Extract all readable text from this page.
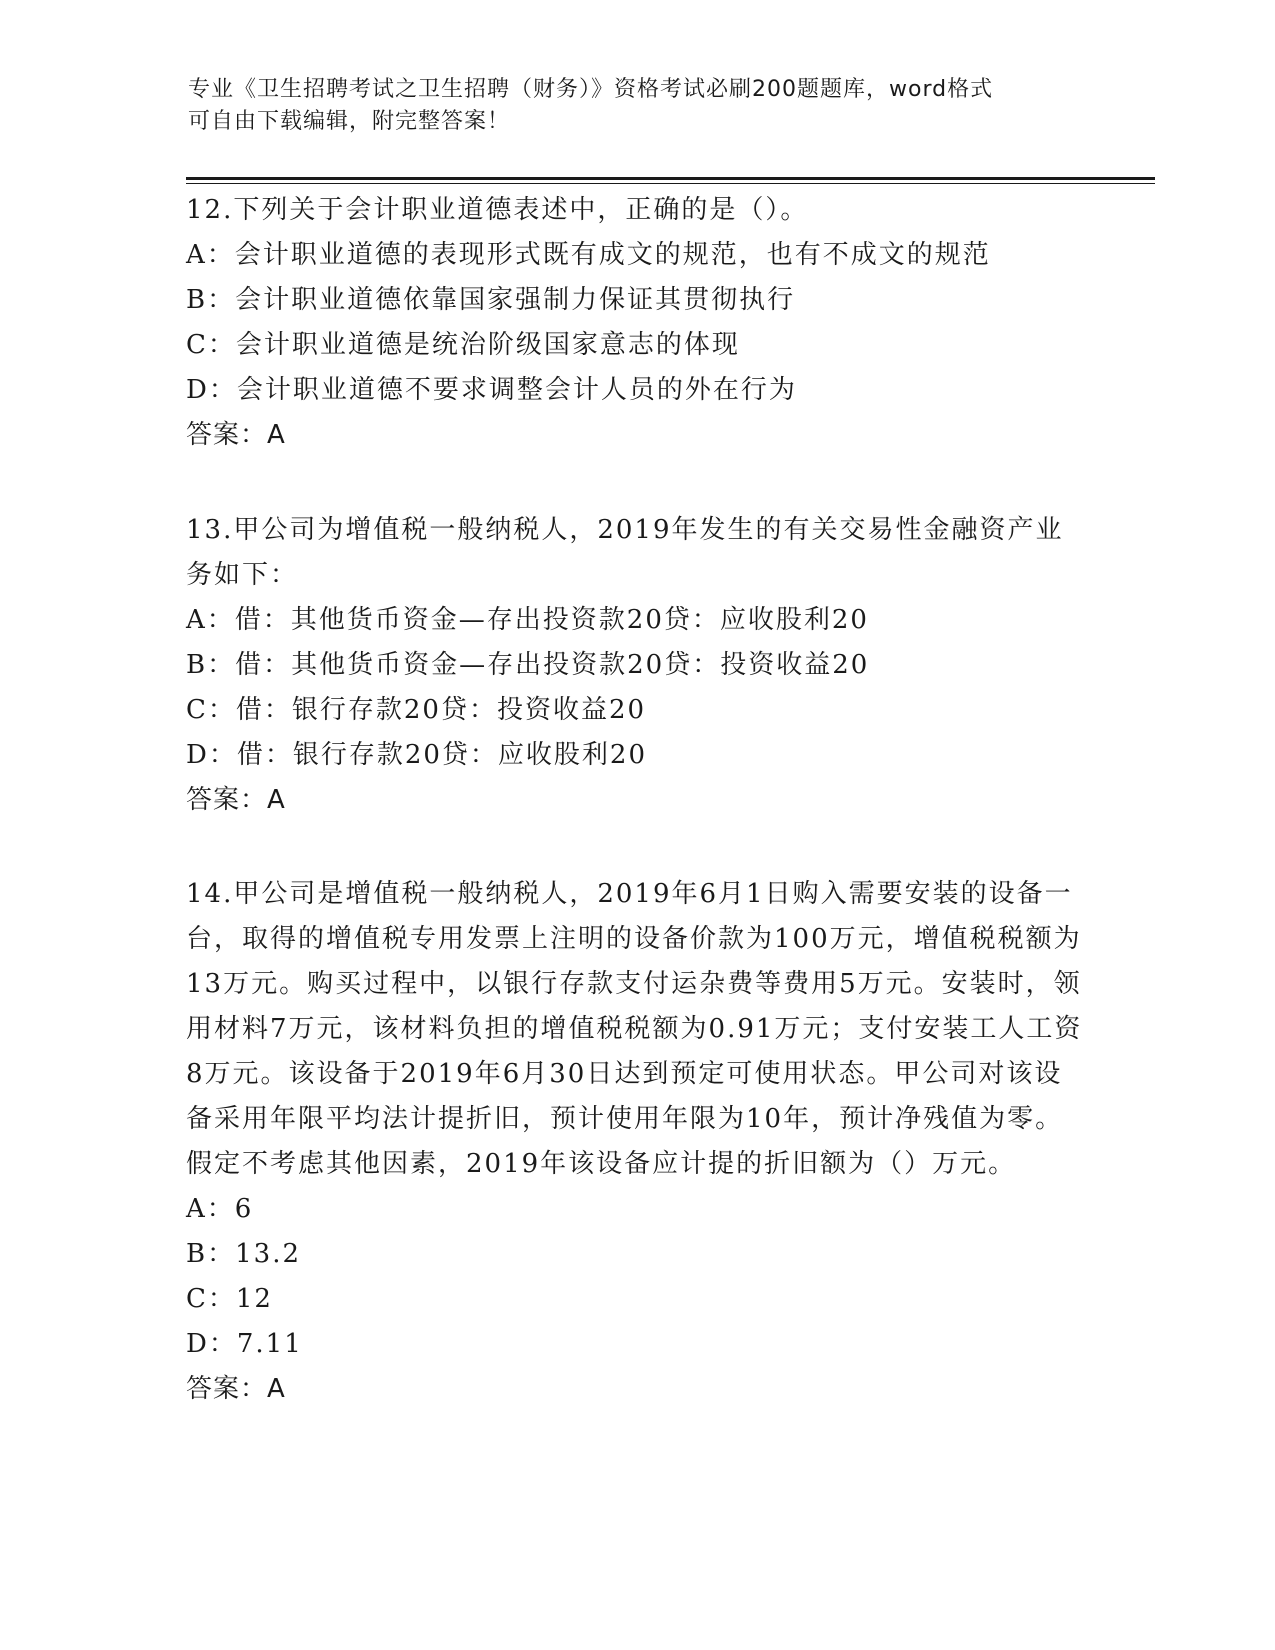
专业《卫生招聘考试之卫生招聘（财务）》资格考试必刷200题题库，word格式
可自由下载编辑，附完整答案！
12.下列关于会计职业道德表述中，正确的是（）。
A：会计职业道德的表现形式既有成文的规范，也有不成文的规范
B：会计职业道德依靠国家强制力保证其贯彻执行
C：会计职业道德是统治阶级国家意志的体现
D：会计职业道德不要求调整会计人员的外在行为
答案：A
13.甲公司为增值税一般纳税人，2019年发生的有关交易性金融资产业务如下：
A：借：其他货币资金—存出投资款20贷：应收股利20
B：借：其他货币资金—存出投资款20贷：投资收益20
C：借：银行存款20贷：投资收益20
D：借：银行存款20贷：应收股利20
答案：A
14.甲公司是增值税一般纳税人，2019年6月1日购入需要安装的设备一台，取得的增值税专用发票上注明的设备价款为100万元，增值税税额为13万元。购买过程中，以银行存款支付运杂费等费用5万元。安装时，领用材料7万元，该材料负担的增值税税额为0.91万元；支付安装工人工资8万元。该设备于2019年6月30日达到预定可使用状态。甲公司对该设备采用年限平均法计提折旧，预计使用年限为10年，预计净残值为零。假定不考虑其他因素，2019年该设备应计提的折旧额为（）万元。
A：6
B：13.2
C：12
D：7.11
答案：A
